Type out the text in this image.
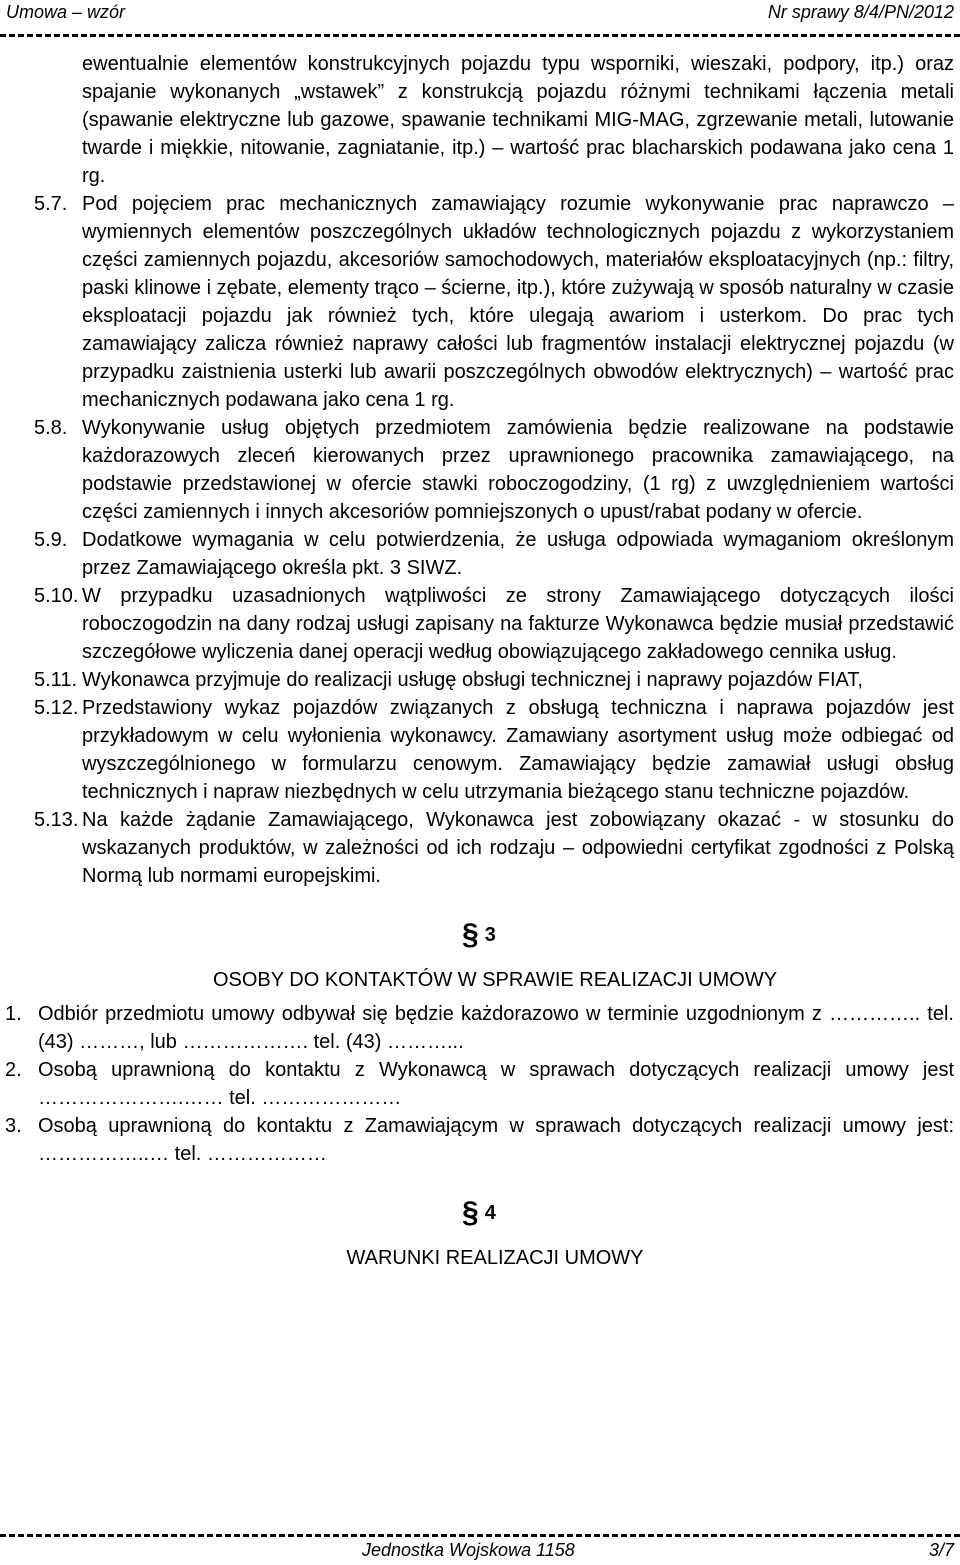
Umowa – wzór	Nr sprawy 8/4/PN/2012

ewentualnie elementów konstrukcyjnych pojazdu typu wsporniki, wieszaki, podpory, itp.) oraz spajanie wykonanych „wstawek” z konstrukcją pojazdu różnymi technikami łączenia metali (spawanie elektryczne lub gazowe, spawanie technikami MIG-MAG, zgrzewanie metali, lutowanie twarde i miękkie, nitowanie, zagniatanie, itp.) – wartość prac blacharskich podawana jako cena 1 rg.

5.7. Pod pojęciem prac mechanicznych zamawiający rozumie wykonywanie prac naprawczo – wymiennych elementów poszczególnych układów technologicznych pojazdu z wykorzystaniem części zamiennych pojazdu, akcesoriów samochodowych, materiałów eksploatacyjnych (np.: filtry, paski klinowe i zębate, elementy trąco – ścierne, itp.), które zużywają w sposób naturalny w czasie eksploatacji pojazdu jak również tych, które ulegają awariom i usterkom. Do prac tych zamawiający zalicza również naprawy całości lub fragmentów instalacji elektrycznej pojazdu (w przypadku zaistnienia usterki lub awarii poszczególnych obwodów elektrycznych) – wartość prac mechanicznych podawana jako cena 1 rg.
5.8. Wykonywanie usług objętych przedmiotem zamówienia będzie realizowane na podstawie każdorazowych zleceń kierowanych przez uprawnionego pracownika zamawiającego, na podstawie przedstawionej w ofercie stawki roboczogodziny, (1 rg) z uwzględnieniem wartości części zamiennych i innych akcesoriów pomniejszonych o upust/rabat podany w ofercie.
5.9. Dodatkowe wymagania w celu potwierdzenia, że usługa odpowiada wymaganiom określonym przez Zamawiającego określa pkt. 3 SIWZ.
5.10. W przypadku uzasadnionych wątpliwości ze strony Zamawiającego dotyczących ilości roboczogodzin na dany rodzaj usługi zapisany na fakturze Wykonawca będzie musiał przedstawić szczegółowe wyliczenia danej operacji według obowiązującego zakładowego cennika usług.
5.11. Wykonawca przyjmuje do realizacji usługę obsługi technicznej i naprawy pojazdów FIAT,
5.12. Przedstawiony wykaz pojazdów związanych z obsługą techniczna i naprawa pojazdów jest przykładowym w celu wyłonienia wykonawcy. Zamawiany asortyment usług może odbiegać od wyszczególnionego w formularzu cenowym. Zamawiający będzie zamawiał usługi obsług technicznych i napraw niezbędnych w celu utrzymania bieżącego stanu techniczne pojazdów.
5.13. Na każde żądanie Zamawiającego, Wykonawca jest zobowiązany okazać - w stosunku do wskazanych produktów, w zależności od ich rodzaju – odpowiedni certyfikat zgodności z Polską Normą lub normami europejskimi.
§ 3
OSOBY DO KONTAKTÓW W SPRAWIE REALIZACJI UMOWY
1. Odbiór przedmiotu umowy odbywał się będzie każdorazowo w terminie uzgodnionym z ………….. tel. (43) ………, lub ………………. tel. (43) ………...
2. Osobą uprawnioną do kontaktu z Wykonawcą w sprawach dotyczących realizacji umowy jest ………………….…… tel. …………………
3. Osobą uprawnioną do kontaktu z Zamawiającym w sprawach dotyczących realizacji umowy jest: ……………..… tel. ………………
§ 4
WARUNKI REALIZACJI UMOWY
Jednostka Wojskowa 1158	3/7
